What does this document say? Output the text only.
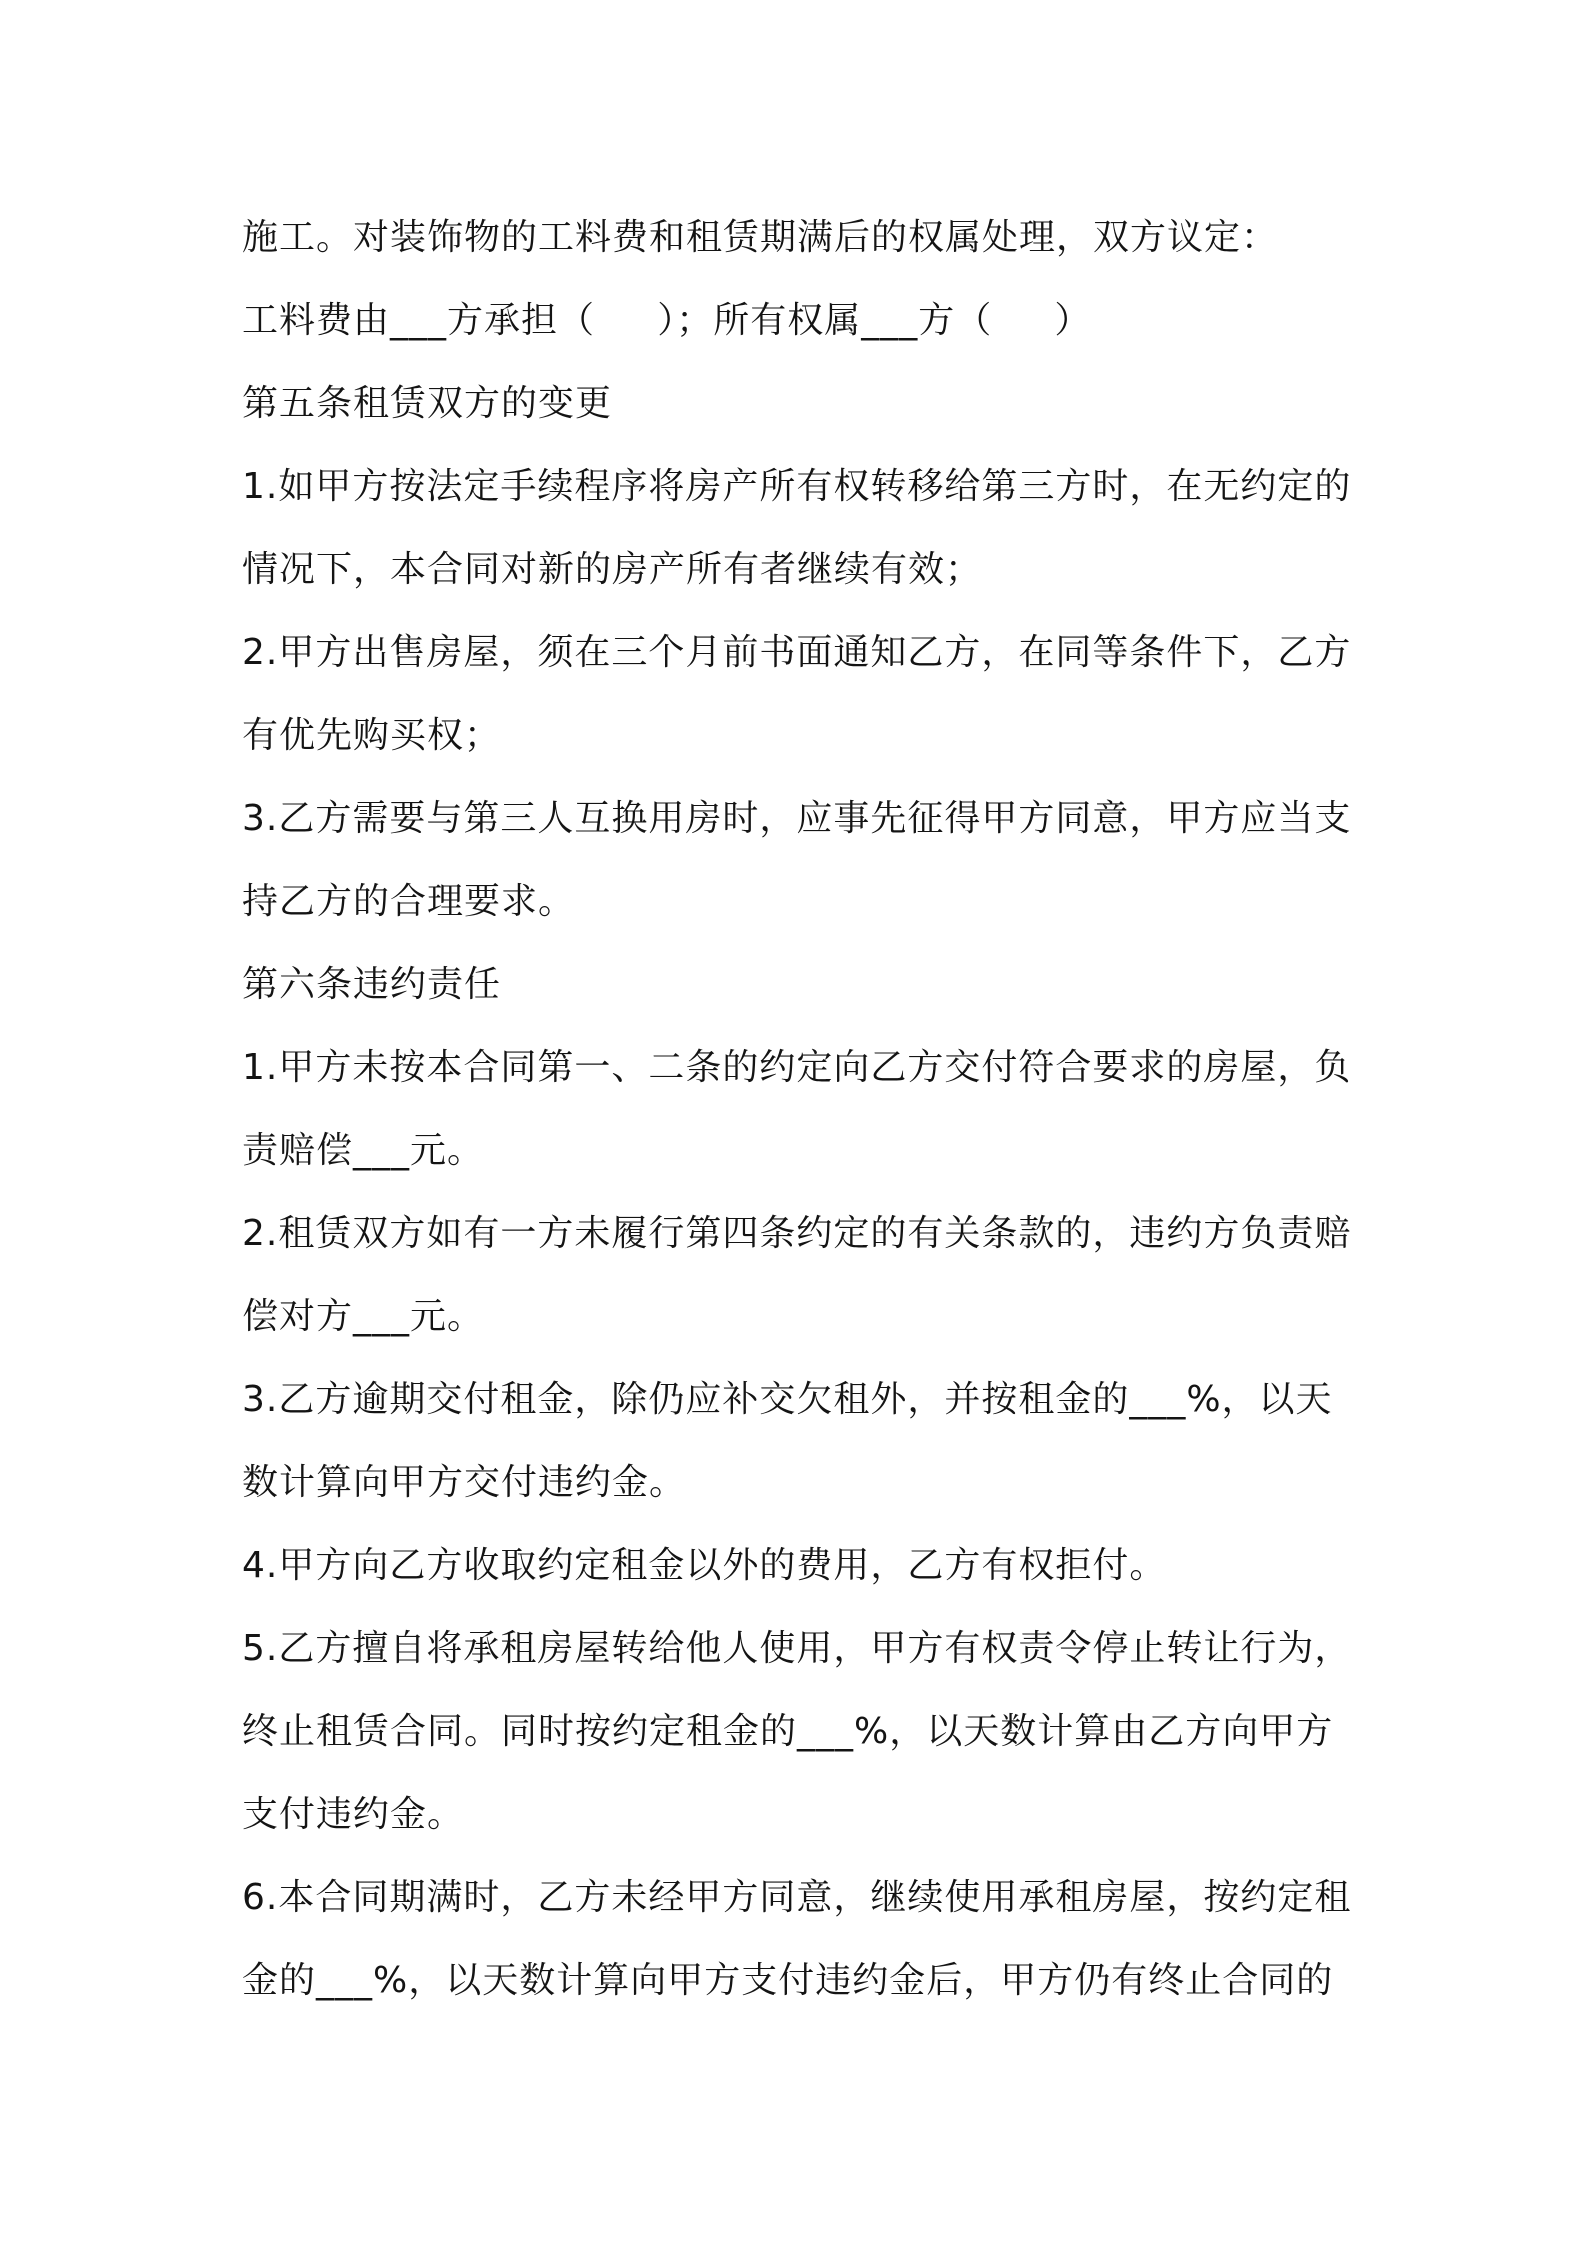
施工。对装饰物的工料费和租赁期满后的权属处理，双方议定：
工料费由___方承担（     ）；所有权属___方（     ）
第五条租赁双方的变更
1.如甲方按法定手续程序将房产所有权转移给第三方时，在无约定的
情况下，本合同对新的房产所有者继续有效；
2.甲方出售房屋，须在三个月前书面通知乙方，在同等条件下，乙方
有优先购买权；
3.乙方需要与第三人互换用房时，应事先征得甲方同意，甲方应当支
持乙方的合理要求。
第六条违约责任
1.甲方未按本合同第一、二条的约定向乙方交付符合要求的房屋，负
责赔偿___元。
2.租赁双方如有一方未履行第四条约定的有关条款的，违约方负责赔
偿对方___元。
3.乙方逾期交付租金，除仍应补交欠租外，并按租金的___%，以天
数计算向甲方交付违约金。
4.甲方向乙方收取约定租金以外的费用，乙方有权拒付。
5.乙方擅自将承租房屋转给他人使用，甲方有权责令停止转让行为，
终止租赁合同。同时按约定租金的___%，以天数计算由乙方向甲方
支付违约金。
6.本合同期满时，乙方未经甲方同意，继续使用承租房屋，按约定租
金的___%，以天数计算向甲方支付违约金后，甲方仍有终止合同的
